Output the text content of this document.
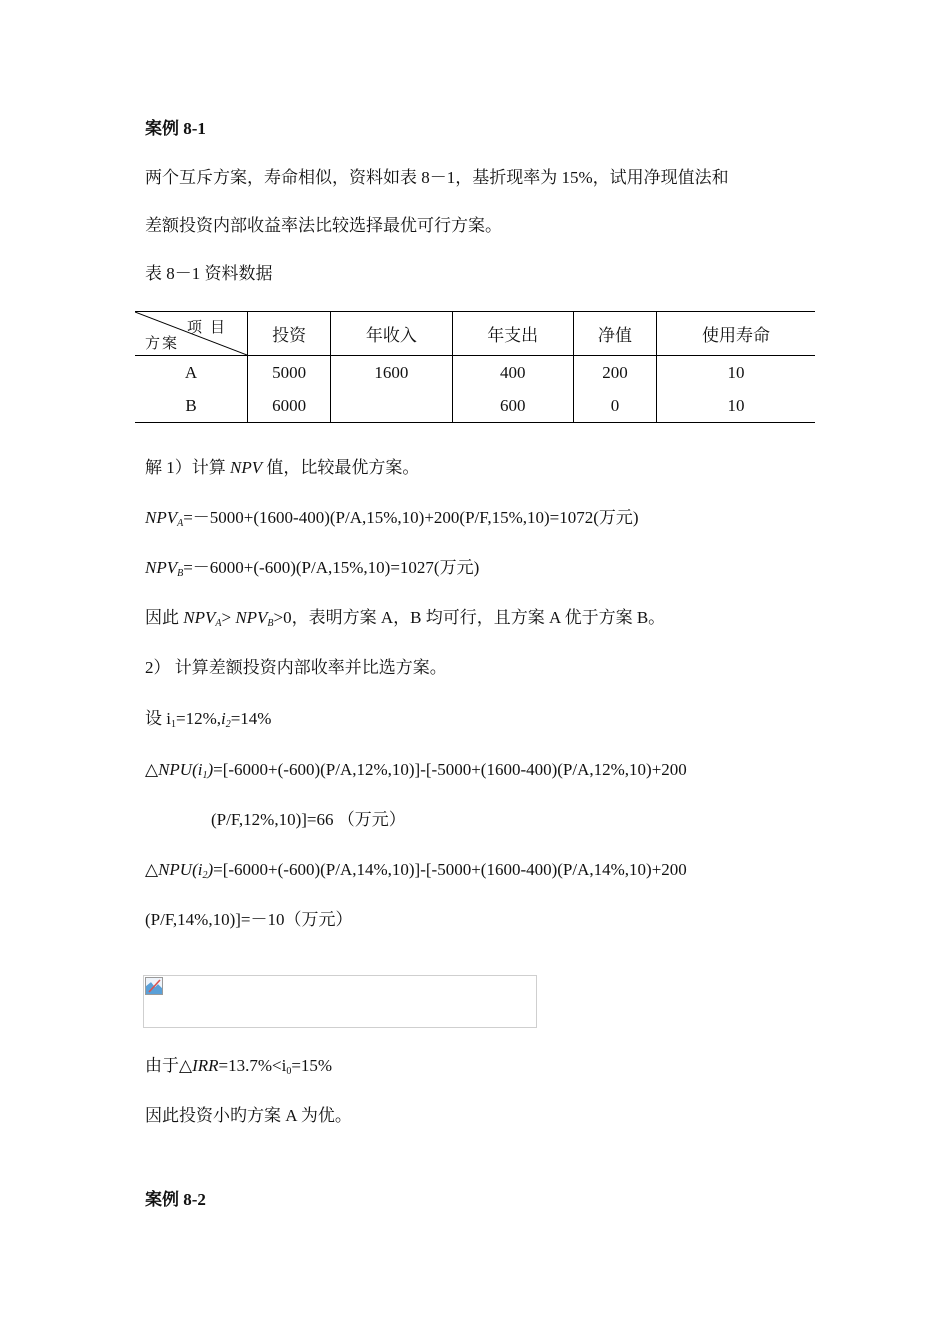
案例 8-1
两个互斥方案，寿命相似，资料如表 8－1，基折现率为 15%，试用净现值法和
差额投资内部收益率法比较选择最优可行方案。
表 8－1 资料数据
项目
方案	投资	年收入	年支出	净值	使用寿命
A	5000	1600	400	200	10
B	6000		600	0	10
解 1）计算 NPV 值，比较最优方案。
$NPV_A=-5000+(1600-400)(P/A,15\%,10)+200(P/F,15\%,10)=1072$(万元)
$NPV_B=-6000+(-600)(P/A,15\%,10)=1027$(万元)
因此 $NPV_A> NPV_B>0$，表明方案 A，B 均可行，且方案 A 优于方案 B。
2） 计算差额投资内部收率并比选方案。
设 $i_1=12\%,i_2=14\%$
$\triangle NPU(i_1)=[-6000+(-600)(P/A,12\%,10)]-[-5000+(1600-400)(P/A,12\%,10)+200$
(P/F,12%,10)]=66 （万元）
$\triangle NPU(i_2)=[-6000+(-600)(P/A,14\%,10)]-[-5000+(1600-400)(P/A,14\%,10)+200$
(P/F,14%,10)]=－10（万元）
由于$\triangle IRR=13.7\%<i_0=15\%$
因此投资小旳方案 A 为优。
案例 8-2
